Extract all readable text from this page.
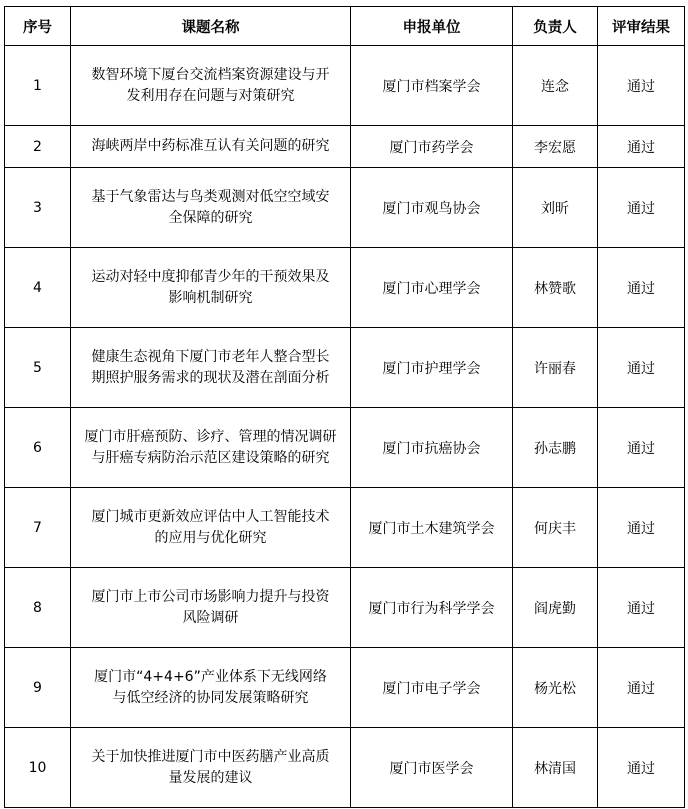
序号	课题名称	申报单位	负责人	评审结果
1	数智环境下厦台交流档案资源建设与开
发利用存在问题与对策研究	厦门市档案学会	连念	通过
2	海峡两岸中药标准互认有关问题的研究	厦门市药学会	李宏愿	通过
3	基于气象雷达与鸟类观测对低空空域安
全保障的研究	厦门市观鸟协会	刘昕	通过
4	运动对轻中度抑郁青少年的干预效果及
影响机制研究	厦门市心理学会	林赞歌	通过
5	健康生态视角下厦门市老年人整合型长
期照护服务需求的现状及潜在剖面分析	厦门市护理学会	许丽春	通过
6	厦门市肝癌预防、诊疗、管理的情况调研
与肝癌专病防治示范区建设策略的研究	厦门市抗癌协会	孙志鹏	通过
7	厦门城市更新效应评估中人工智能技术
的应用与优化研究	厦门市土木建筑学会	何庆丰	通过
8	厦门市上市公司市场影响力提升与投资
风险调研	厦门市行为科学学会	阎虎勤	通过
9	厦门市“4+4+6”产业体系下无线网络
与低空经济的协同发展策略研究	厦门市电子学会	杨光松	通过
10	关于加快推进厦门市中医药膳产业高质
量发展的建议	厦门市医学会	林清国	通过
